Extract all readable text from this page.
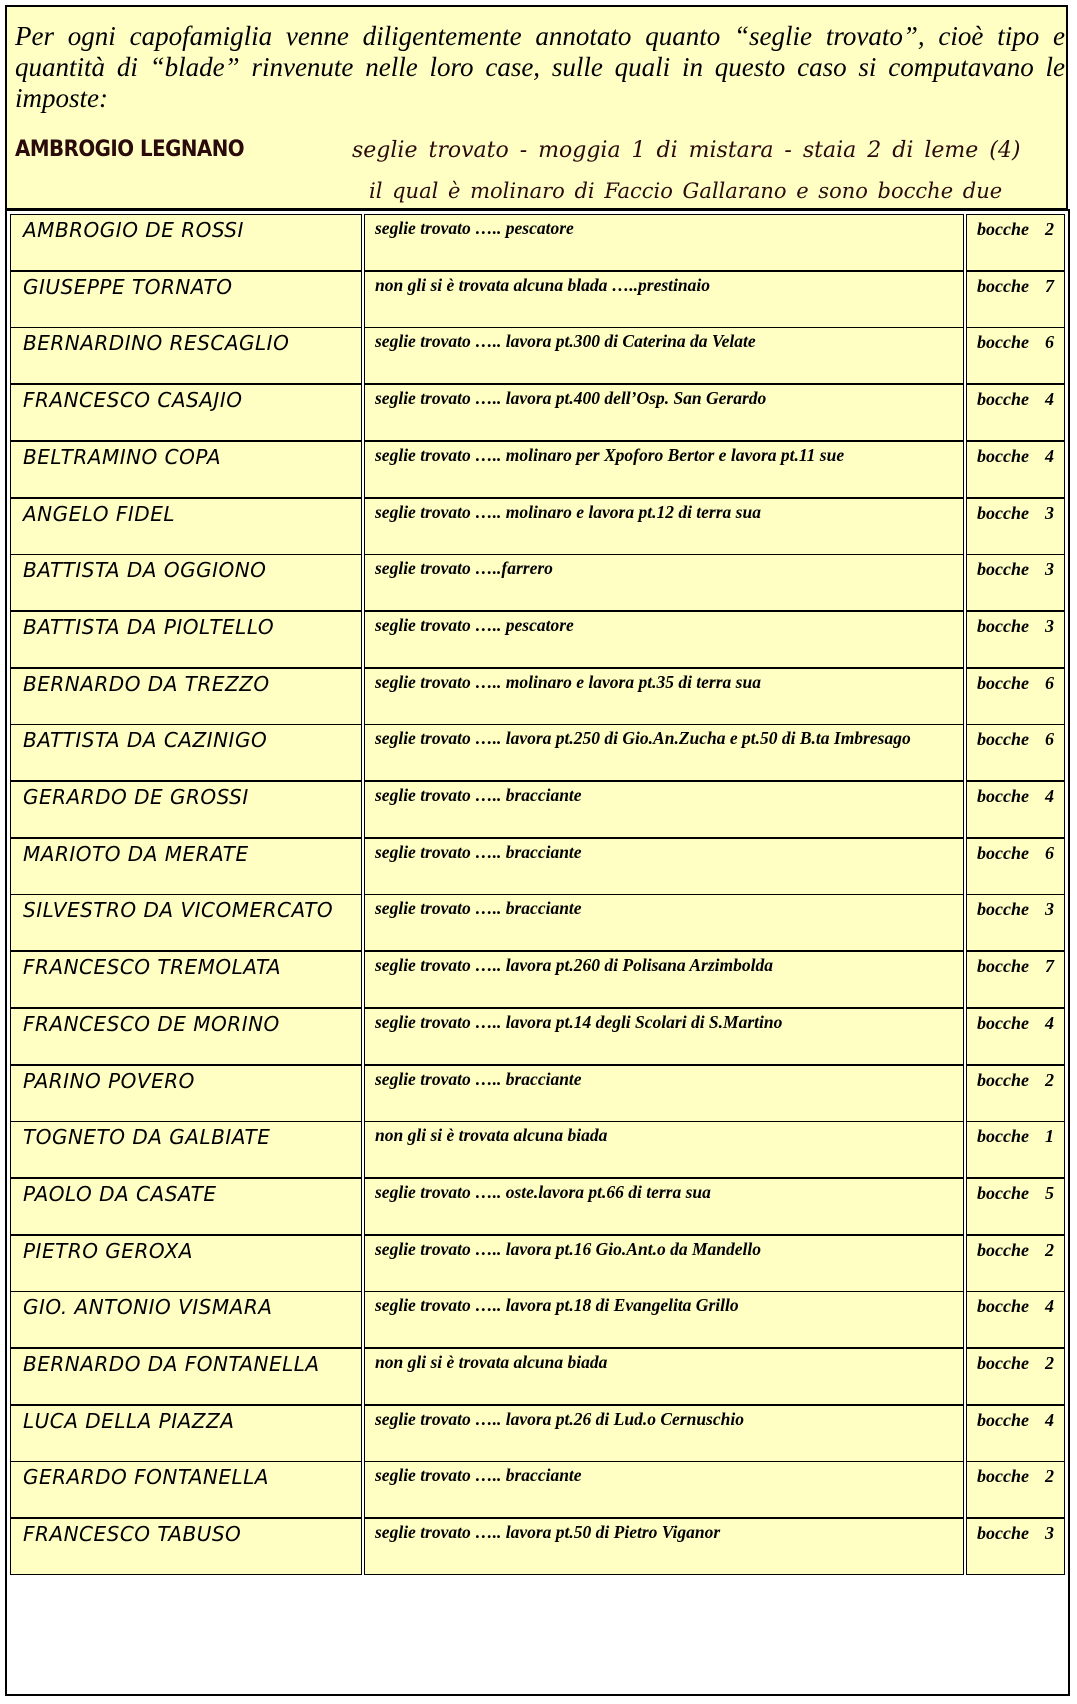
Per ogni capofamiglia venne diligentemente annotato quanto “seglie trovato”, cioè tipo e quantità di “blade” rinvenute nelle loro case, sulle quali in questo caso si computavano le imposte:
AMBROGIO LEGNANO	seglie trovato - moggia 1 di mistara - staia 2 di leme (4)
il qual è molinaro di Faccio Gallarano e sono bocche due
AMBROGIO DE ROSSI	seglie trovato ….. pescatore	bocche 2
GIUSEPPE TORNATO	non gli si è trovata alcuna blada …..prestinaio	bocche 7
BERNARDINO RESCAGLIO	seglie trovato ….. lavora pt.300 di Caterina da Velate	bocche 6
FRANCESCO CASAJIO	seglie trovato ….. lavora pt.400 dell’Osp. San Gerardo	bocche 4
BELTRAMINO COPA	seglie trovato ….. molinaro per Xpoforo Bertor e lavora pt.11 sue	bocche 4
ANGELO FIDEL	seglie trovato ….. molinaro e lavora pt.12 di terra sua	bocche 3
BATTISTA DA OGGIONO	seglie trovato …..farrero	bocche 3
BATTISTA DA PIOLTELLO	seglie trovato ….. pescatore	bocche 3
BERNARDO DA TREZZO	seglie trovato ….. molinaro e lavora pt.35 di terra sua	bocche 6
BATTISTA DA CAZINIGO	seglie trovato ….. lavora pt.250 di Gio.An.Zucha e pt.50 di B.ta Imbresago	bocche 6
GERARDO DE GROSSI	seglie trovato ….. bracciante	bocche 4
MARIOTO DA MERATE	seglie trovato ….. bracciante	bocche 6
SILVESTRO DA VICOMERCATO	seglie trovato ….. bracciante	bocche 3
FRANCESCO TREMOLATA	seglie trovato ….. lavora pt.260 di Polisana Arzimbolda	bocche 7
FRANCESCO DE MORINO	seglie trovato ….. lavora pt.14 degli Scolari di S.Martino	bocche 4
PARINO POVERO	seglie trovato ….. bracciante	bocche 2
TOGNETO DA GALBIATE	non gli si è trovata alcuna biada	bocche 1
PAOLO DA CASATE	seglie trovato ….. oste.lavora pt.66 di terra sua	bocche 5
PIETRO GEROXA	seglie trovato ….. lavora pt.16 Gio.Ant.o da Mandello	bocche 2
GIO. ANTONIO VISMARA	seglie trovato ….. lavora pt.18 di Evangelita Grillo	bocche 4
BERNARDO DA FONTANELLA	non gli si è trovata alcuna biada	bocche 2
LUCA DELLA PIAZZA	seglie trovato ….. lavora pt.26 di Lud.o Cernuschio	bocche 4
GERARDO FONTANELLA	seglie trovato ….. bracciante	bocche 2
FRANCESCO TABUSO	seglie trovato ….. lavora pt.50 di Pietro Viganor	bocche 3
